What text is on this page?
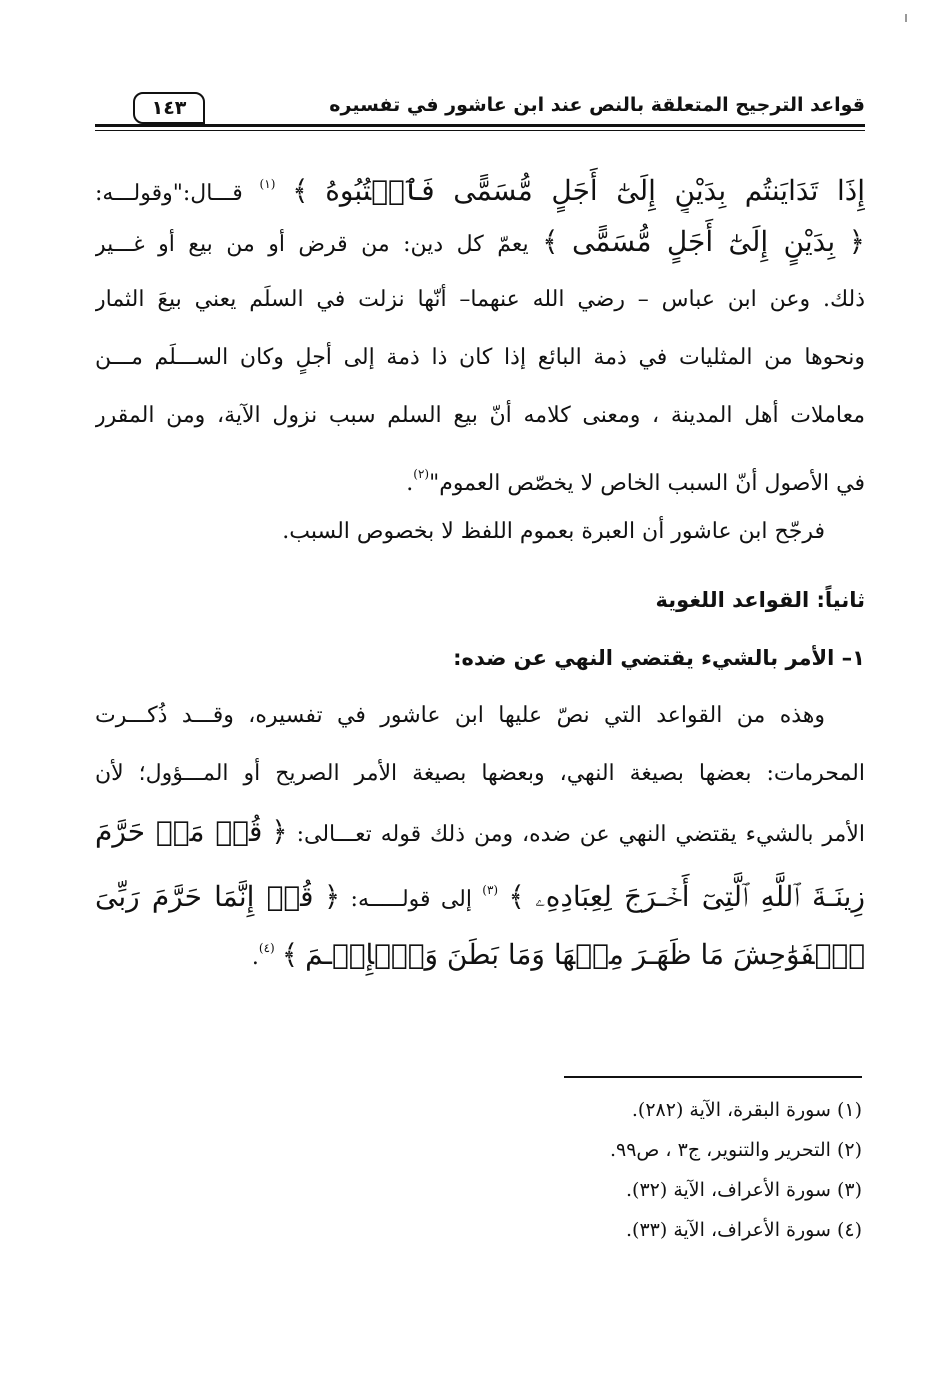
قواعد الترجيح المتعلقة بالنص عند ابن عاشور في تفسيره
١٤٣
إِذَا تَدَايَنتُم بِدَيْنٍ إِلَىٰٓ أَجَلٍ مُّسَمًّى فَٱكۡتُبُوهُ ﴾ $^{(١)}$ قـــال:"وقولـــه:
﴿ بِدَيْنٍ إِلَىٰٓ أَجَلٍ مُّسَمًّى ﴾ يعمّ كل دين: من قرض أو من بيع أو غـــير
ذلك. وعن ابن عباس – رضي الله عنهما– أنّها نزلت في السلَم يعني بيعَ الثمار
ونحوها من المثليات في ذمة البائع إذا كان ذا ذمة إلى أجلٍ وكان الســـلَم مـــن
معاملات أهل المدينة ، ومعنى كلامه أنّ بيع السلم سبب نزول الآية، ومن المقرر
في الأصول أنّ السبب الخاص لا يخصّص العموم"$^{(٢)}$.
فرجّح ابن عاشور أن العبرة بعموم اللفظ لا بخصوص السبب.
ثانياً: القواعد اللغوية
١– الأمر بالشيء يقتضي النهي عن ضده:
وهذه من القواعد التي نصّ عليها ابن عاشور في تفسيره، وقـــد ذُكـــرت
المحرمات: بعضها بصيغة النهي، وبعضها بصيغة الأمر الصريح أو المـــؤول؛ لأن
الأمر بالشيء يقتضي النهي عن ضده، ومن ذلك قوله تعـــالى: ﴿ قُلۡ مَنۡ حَرَّمَ
زِينَـةَ ٱللَّهِ ٱلَّتِىٓ أَخۡـرَجَ لِعِبَادِهِۦ ﴾ $^{(٣)}$ إلى قولـــــه: ﴿ قُلۡ إِنَّمَا حَرَّمَ رَبِّىَ
ٱلۡفَوَٰحِشَ مَا ظَهَـرَ مِنۡهَا وَمَا بَطَنَ وَٱلۡإِثۡـمَ ﴾ $^{(٤)}$.
(١) سورة البقرة، الآية (٢٨٢).
(٢) التحرير والتنوير، ج٣ ، ص٩٩.
(٣) سورة الأعراف، الآية (٣٢).
(٤) سورة الأعراف، الآية (٣٣).
